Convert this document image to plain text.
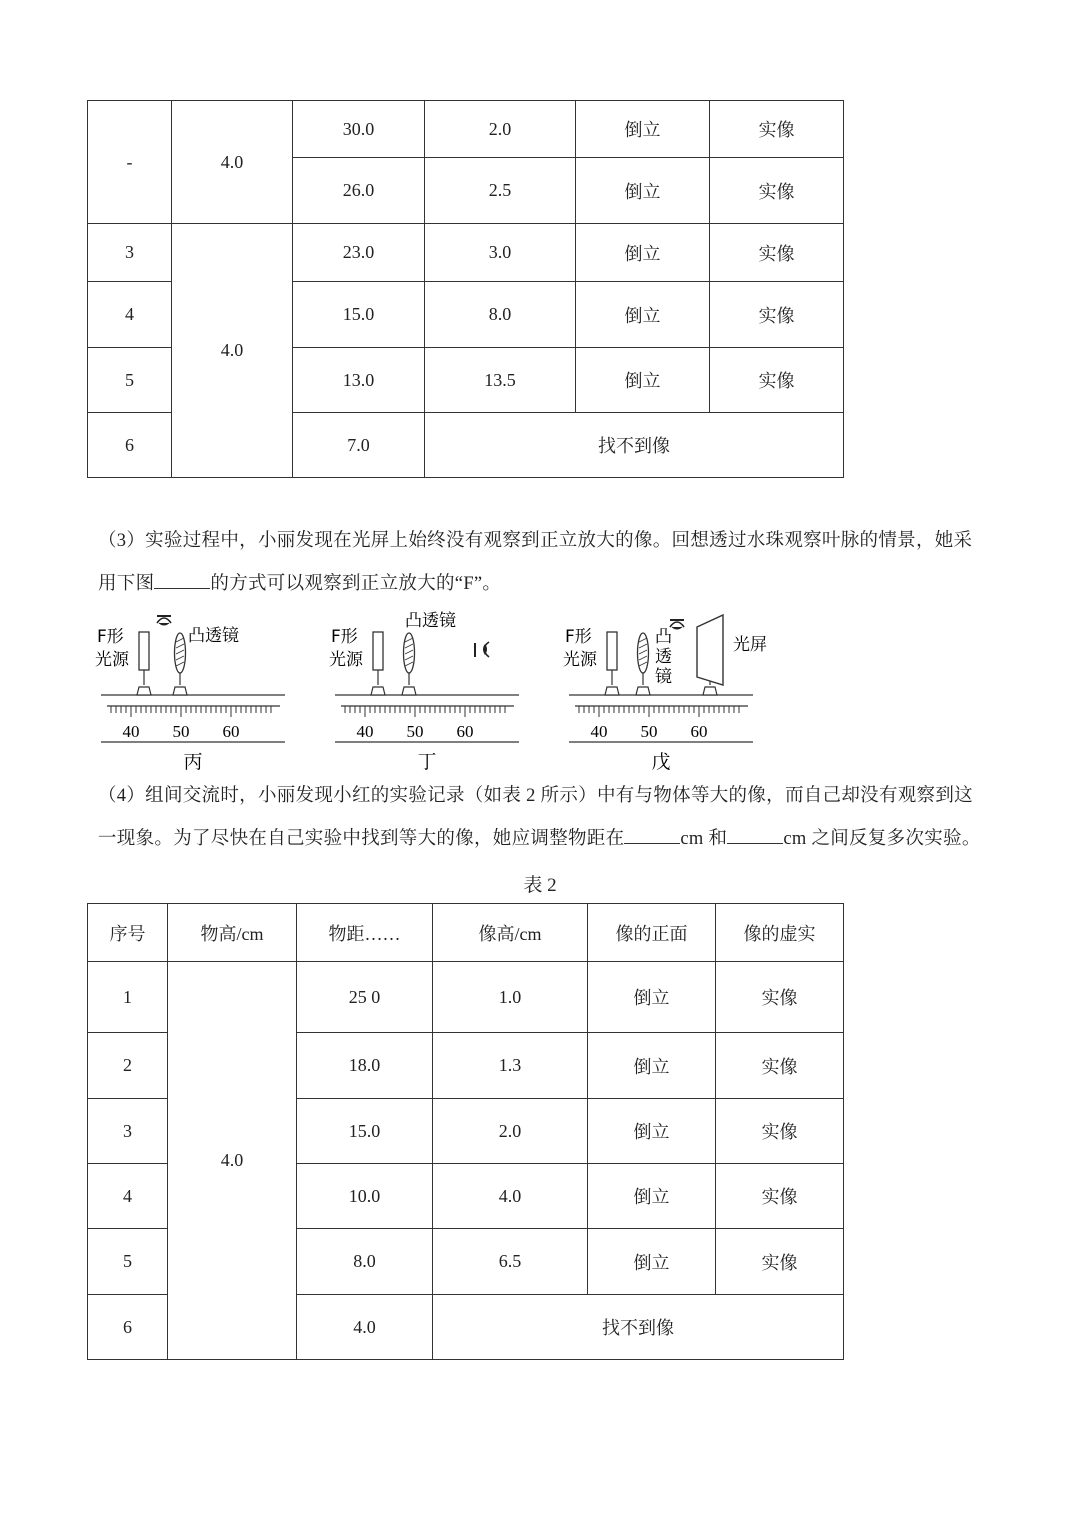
-	4.0	30.0	2.0	倒立	实像
		26.0	2.5	倒立	实像
3	4.0	23.0	3.0	倒立	实像
4		15.0	8.0	倒立	实像
5		13.0	13.5	倒立	实像
6		7.0	找不到像		
（3）实验过程中，小丽发现在光屏上始终没有观察到正立放大的像。回想透过水珠观察叶脉的情景，她采
用下图	的方式可以观察到正立放大的“F”。
40 50 60
F形
光源
凸透镜
丙
40 50 60
F形
光源
凸透镜
丁
40 50 60
F形
光源
凸
透
镜
光屏
戊
（4）组间交流时，小丽发现小红的实验记录（如表 2 所示）中有与物体等大的像，而自己却没有观察到这
一现象。为了尽快在自己实验中找到等大的像，她应调整物距在	cm 和	cm 之间反复多次实验。
表 2
序号	物高/cm	物距……	像高/cm	像的正面	像的虚实
1	4.0	25 0	1.0	倒立	实像
2		18.0	1.3	倒立	实像
3		15.0	2.0	倒立	实像
4		10.0	4.0	倒立	实像
5		8.0	6.5	倒立	实像
6		4.0	找不到像		
